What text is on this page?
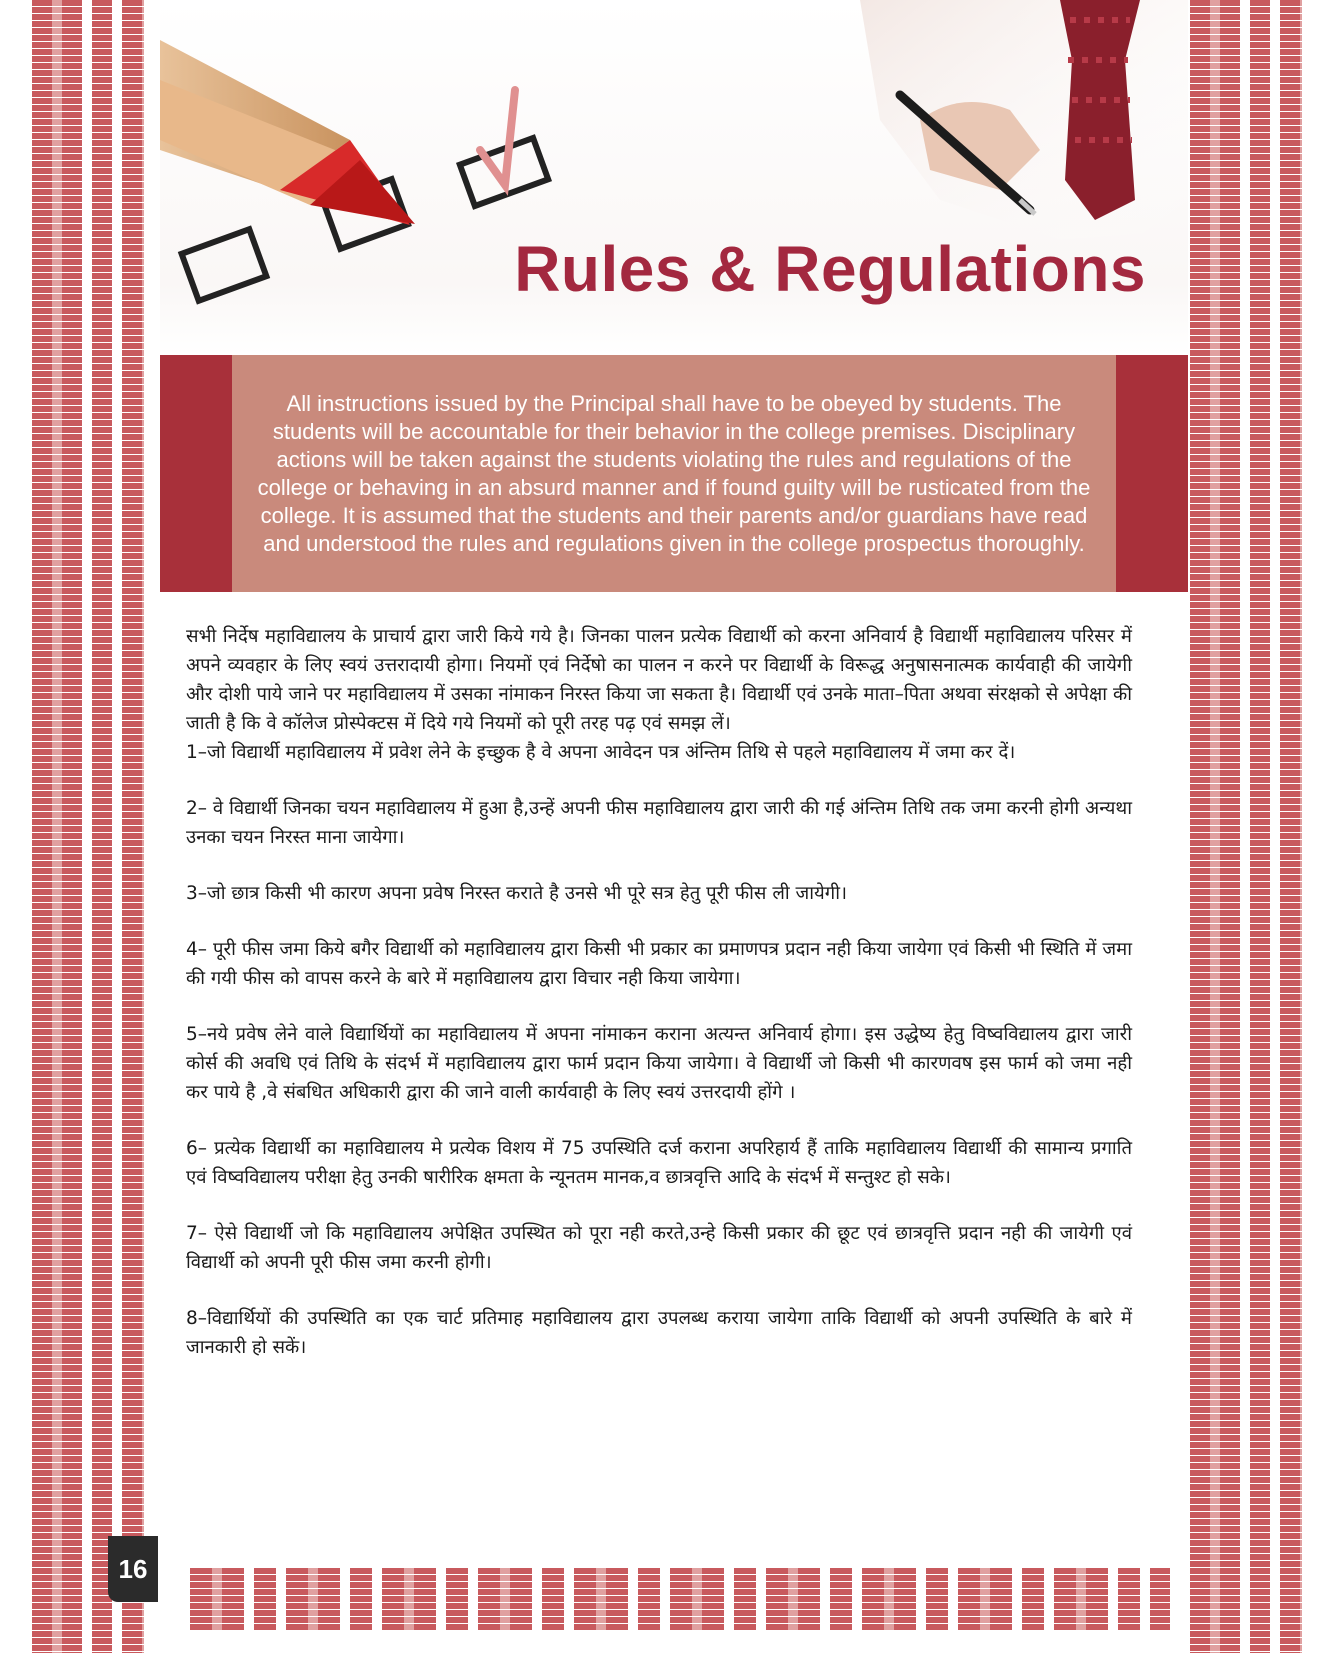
Rules & Regulations

All instructions issued by the Principal shall have to be obeyed by students. The students will be accountable for their behavior in the college premises. Disciplinary actions will be taken against the students violating the rules and regulations of the college or behaving in an absurd manner and if found guilty will be rusticated from the college. It is assumed that the students and their parents and/or guardians have read and understood the rules and regulations given in the college prospectus thoroughly.

सभी निर्देष महाविद्यालय के प्राचार्य द्वारा जारी किये गये है। जिनका पालन प्रत्येक विद्यार्थी को करना अनिवार्य है विद्यार्थी महाविद्यालय परिसर में अपने व्यवहार के लिए स्वयं उत्तरादायी होगा। नियमों एवं निर्देषो का पालन न करने पर विद्यार्थी के विरूद्ध अनुषासनात्मक कार्यवाही की जायेगी और दोशी पाये जाने पर महाविद्यालय में उसका नांमाकन निरस्त किया जा सकता है। विद्यार्थी एवं उनके माता–पिता अथवा संरक्षको से अपेक्षा की जाती है कि वे कॉलेज प्रोस्पेक्टस में दिये गये नियमों को पूरी तरह पढ़ एवं समझ लें।

1–जो विद्यार्थी महाविद्यालय में प्रवेश लेने के इच्छुक है वे अपना आवेदन पत्र अंन्तिम तिथि से पहले महाविद्यालय में जमा कर दें।

2– वे विद्यार्थी जिनका चयन महाविद्यालय में हुआ है,उन्हें अपनी फीस महाविद्यालय द्वारा जारी की गई अंन्तिम तिथि तक जमा करनी होगी अन्यथा उनका चयन निरस्त माना जायेगा।

3–जो छात्र किसी भी कारण अपना प्रवेष निरस्त कराते है उनसे भी पूरे सत्र हेतु पूरी फीस ली जायेगी।

4– पूरी फीस जमा किये बगैर विद्यार्थी को महाविद्यालय द्वारा किसी भी प्रकार का प्रमाणपत्र प्रदान नही किया जायेगा एवं किसी भी स्थिति में जमा की गयी फीस को वापस करने के बारे में महाविद्यालय द्वारा विचार नही किया जायेगा।

5–नये प्रवेष लेने वाले विद्यार्थियों का महाविद्यालय में अपना नांमाकन कराना अत्यन्त अनिवार्य होगा। इस उद्धेष्य हेतु विष्वविद्यालय द्वारा जारी कोर्स की अवधि एवं तिथि के संदर्भ में महाविद्यालय द्वारा फार्म प्रदान किया जायेगा। वे विद्यार्थी जो किसी भी कारणवष इस फार्म को जमा नही कर पाये है ,वे संबधित अधिकारी द्वारा की जाने वाली कार्यवाही के लिए स्वयं उत्तरदायी होंगे ।

6– प्रत्येक विद्यार्थी का महाविद्यालय मे प्रत्येक विशय में 75 उपस्थिति दर्ज कराना अपरिहार्य हैं ताकि महाविद्यालय विद्यार्थी की सामान्य प्रगाति एवं विष्वविद्यालय परीक्षा हेतु उनकी षारीरिक क्षमता के न्यूनतम मानक,व छात्रवृत्ति आदि के संदर्भ में सन्तुश्ट हो सके।

7– ऐसे विद्यार्थी जो कि महाविद्यालय अपेक्षित उपस्थित को पूरा नही करते,उन्हे किसी प्रकार की छूट एवं छात्रवृत्ति प्रदान नही की जायेगी एवं विद्यार्थी को अपनी पूरी फीस जमा करनी होगी।

8–विद्यार्थियों की उपस्थिति का एक चार्ट प्रतिमाह महाविद्यालय द्वारा उपलब्ध कराया जायेगा ताकि विद्यार्थी को अपनी उपस्थिति के बारे में जानकारी हो सकें।

16
